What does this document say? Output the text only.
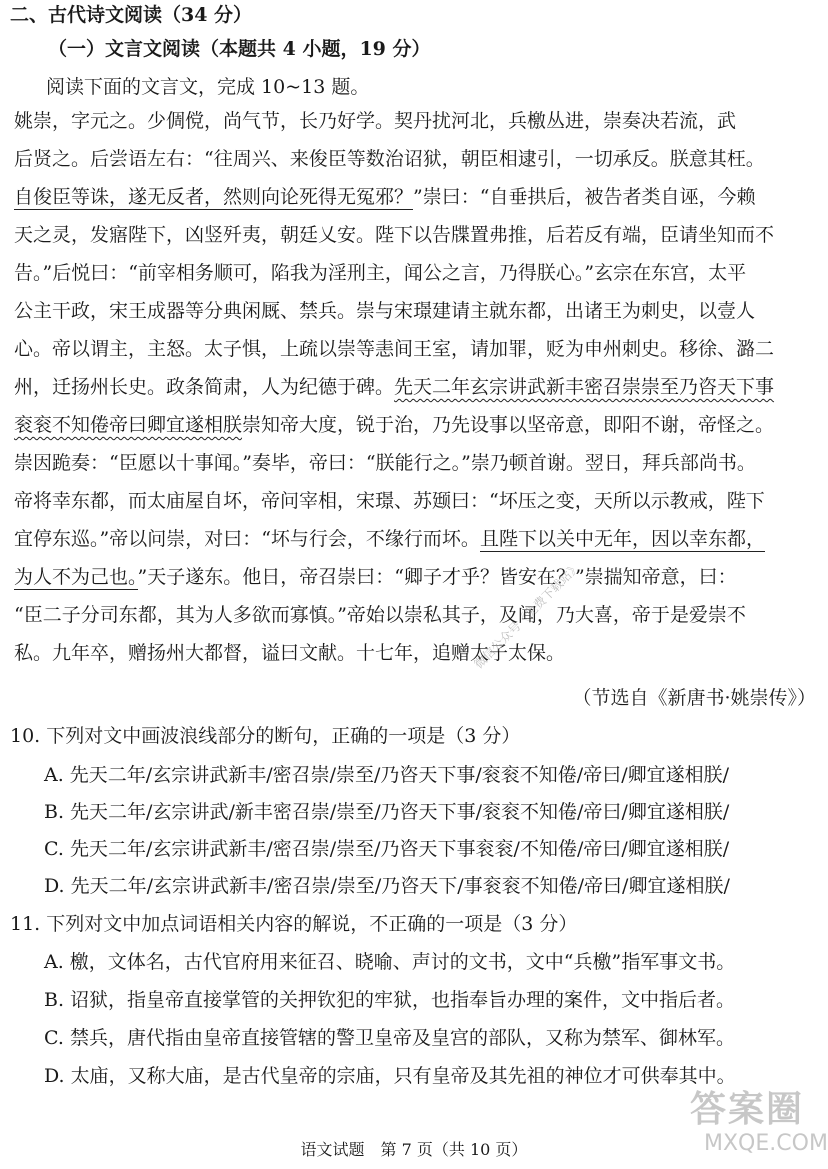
二、古代诗文阅读（34 分）
（一）文言文阅读（本题共 4 小题，19 分）
阅读下面的文言文，完成 10~13 题。
姚崇，字元之。少倜傥，尚气节，长乃好学。契丹扰河北，兵檄丛进，崇奏决若流，武
后贤之。后尝语左右：“往周兴、来俊臣等数治诏狱，朝臣相逮引，一切承反。朕意其枉。
自俊臣等诛，遂无反者，然则向论死得无冤邪？”崇曰：“自垂拱后，被告者类自诬，今赖
天之灵，发寤陛下，凶竖歼夷，朝廷乂安。陛下以告牒置弗推，后若反有端，臣请坐知而不
告。”后悦曰：“前宰相务顺可，陷我为淫刑主，闻公之言，乃得朕心。”玄宗在东宫，太平
公主干政，宋王成器等分典闲厩、禁兵。崇与宋璟建请主就东都，出诸王为刺史，以壹人
心。帝以谓主，主怒。太子惧，上疏以崇等恚间王室，请加罪，贬为申州刺史。移徐、潞二
州，迁扬州长史。政条简肃，人为纪德于碑。先天二年玄宗讲武新丰密召崇崇至乃咨天下事
衮衮不知倦帝曰卿宜遂相朕崇知帝大度，锐于治，乃先设事以坚帝意，即阳不谢，帝怪之。
崇因跪奏：“臣愿以十事闻。”奏毕，帝曰：“朕能行之。”崇乃顿首谢。翌日，拜兵部尚书。
帝将幸东都，而太庙屋自坏，帝问宰相，宋璟、苏颋曰：“坏压之变，天所以示教戒，陛下
宜停东巡。”帝以问崇，对曰：“坏与行会，不缘行而坏。且陛下以关中无年，因以幸东都，
为人不为己也。”天子遂东。他日，帝召崇曰：“卿子才乎？皆安在？”崇揣知帝意，曰：
“臣二子分司东都，其为人多欲而寡慎。”帝始以崇私其子，及闻，乃大喜，帝于是爱崇不
私。九年卒，赠扬州大都督，谥曰文献。十七年，追赠太子太保。
（节选自《新唐书·姚崇传》）
10. 下列对文中画波浪线部分的断句，正确的一项是（3 分）
A. 先天二年/玄宗讲武新丰/密召崇/崇至/乃咨天下事/衮衮不知倦/帝曰/卿宜遂相朕/
B. 先天二年/玄宗讲武/新丰密召崇/崇至/乃咨天下事/衮衮不知倦/帝曰/卿宜遂相朕/
C. 先天二年/玄宗讲武新丰/密召崇/崇至/乃咨天下事衮衮/不知倦/帝曰/卿宜遂相朕/
D. 先天二年/玄宗讲武新丰/密召崇/崇至/乃咨天下/事衮衮不知倦/帝曰/卿宜遂相朕/
11. 下列对文中加点词语相关内容的解说，不正确的一项是（3 分）
A. 檄，文体名，古代官府用来征召、晓喻、声讨的文书，文中“兵檄”指军事文书。
B. 诏狱，指皇帝直接掌管的关押钦犯的牢狱，也指奉旨办理的案件，文中指后者。
C. 禁兵，唐代指由皇帝直接管辖的警卫皇帝及皇宫的部队，又称为禁军、御林军。
D. 太庙，又称大庙，是古代皇帝的宗庙，只有皇帝及其先祖的神位才可供奉其中。
语文试题　第 7 页（共 10 页）
微信公众号《免费下载站》
答案圈
MXQE.COM
